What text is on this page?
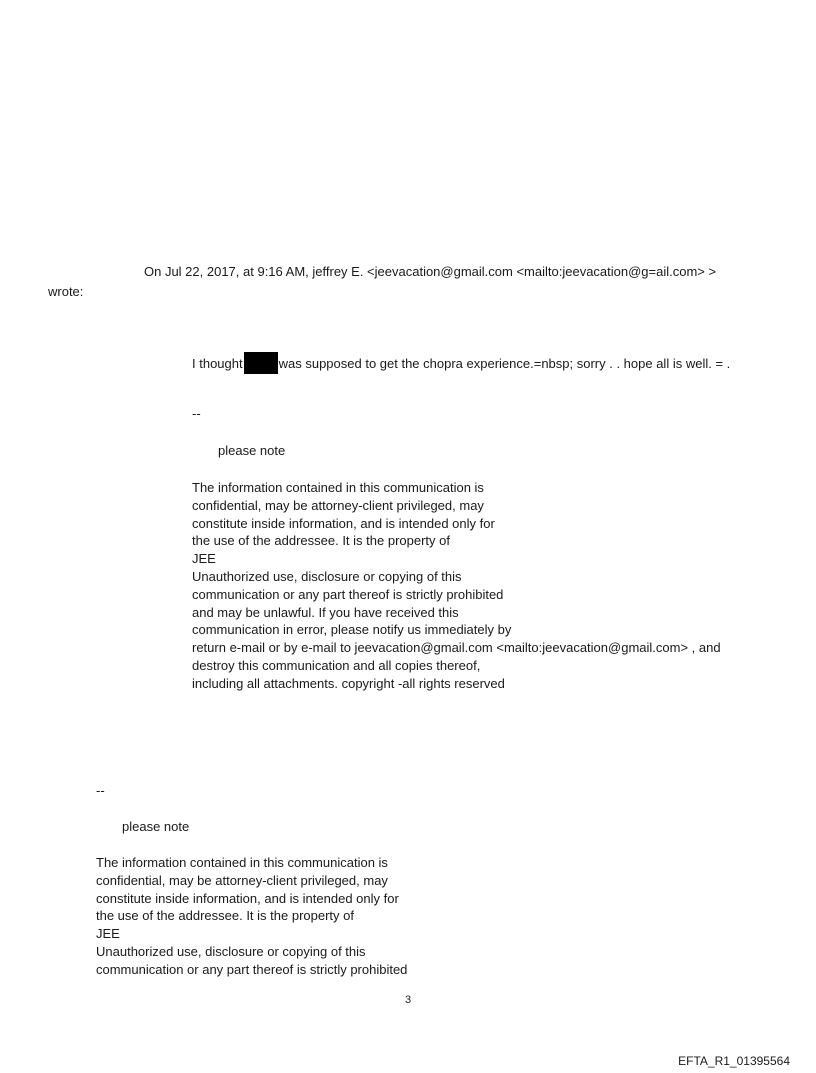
On Jul 22, 2017, at 9:16 AM, jeffrey E. <jeevacation@gmail.com <mailto:jeevacation@g=ail.com> >

wrote:

I thought	was supposed to get the chopra experience.=nbsp; sorry . . hope all is well. = .

--

please note

The information contained in this communication is
confidential, may be attorney-client privileged, may
constitute inside information, and is intended only for
the use of the addressee. It is the property of
JEE
Unauthorized use, disclosure or copying of this
communication or any part thereof is strictly prohibited
and may be unlawful. If you have received this
communication in error, please notify us immediately by
return e-mail or by e-mail to jeevacation@gmail.com <mailto:jeevacation@gmail.com> , and
destroy this communication and all copies thereof,
including all attachments. copyright -all rights reserved

--

please note

The information contained in this communication is
confidential, may be attorney-client privileged, may
constitute inside information, and is intended only for
the use of the addressee. It is the property of
JEE
Unauthorized use, disclosure or copying of this
communication or any part thereof is strictly prohibited
3
EFTA_R1_01395564
